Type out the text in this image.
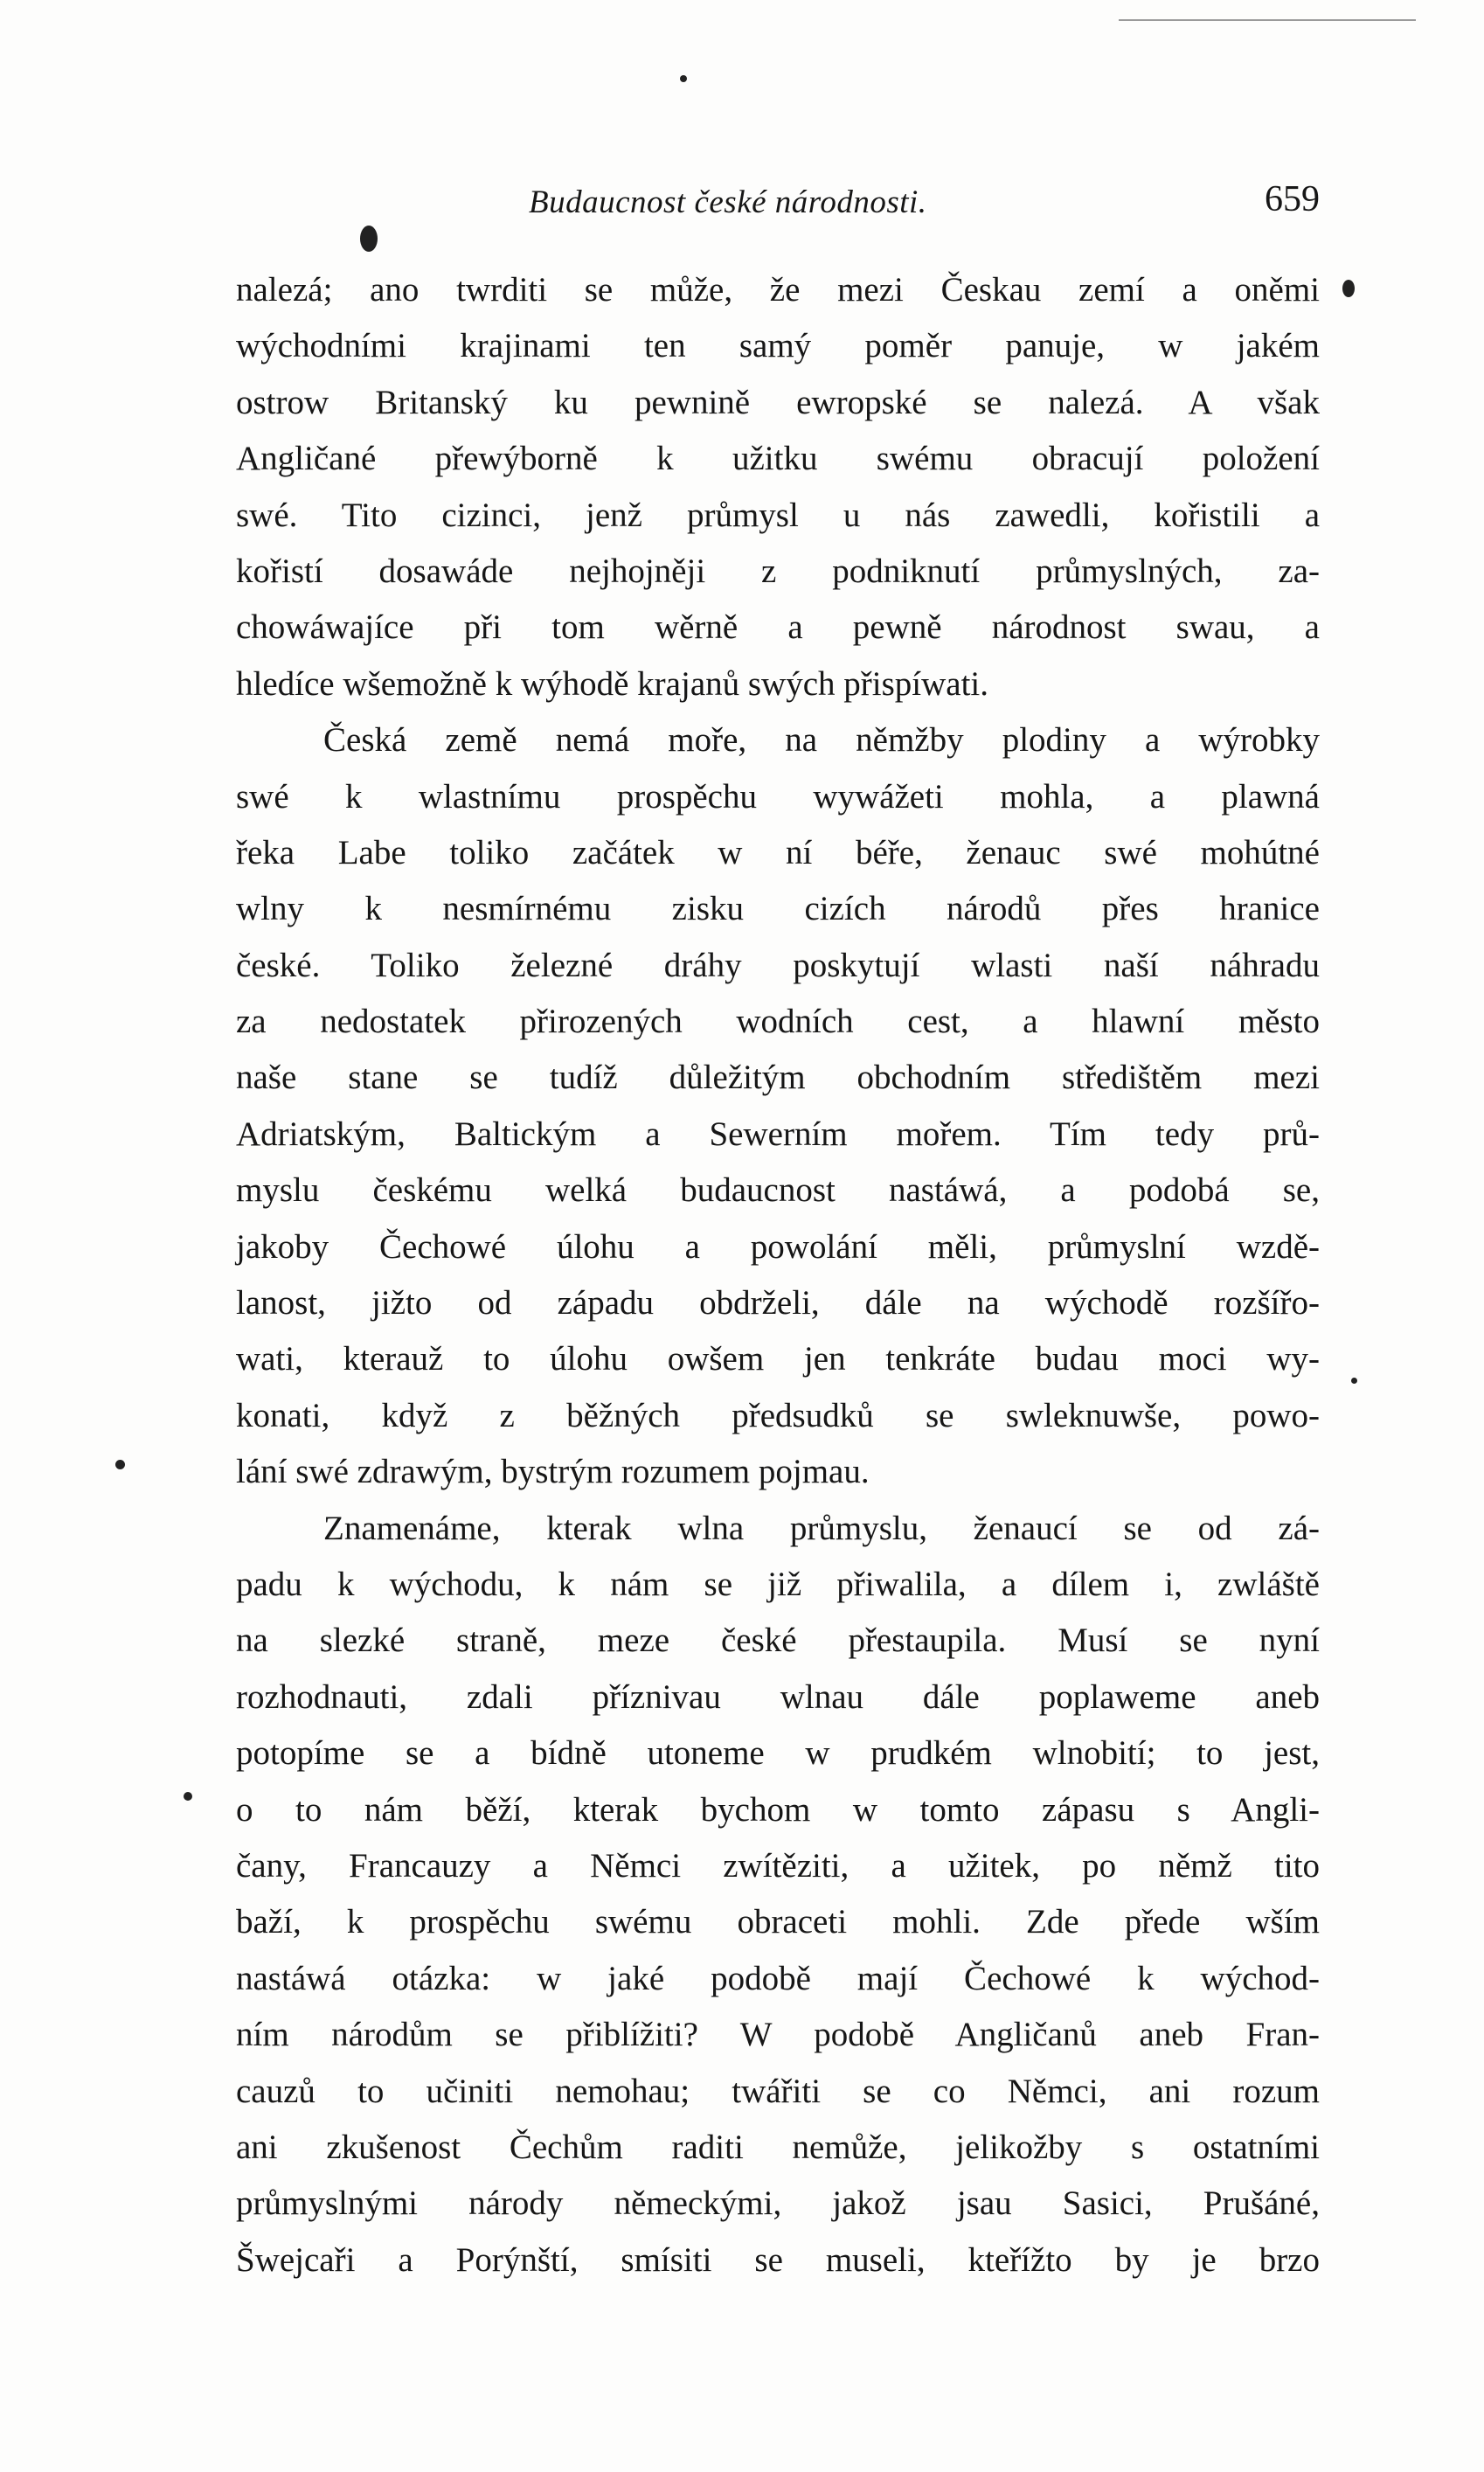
Budaucnost české národnosti.	659
nalezá; ano twrditi se může, že mezi Českau zemí a oněmi
wýchodními krajinami ten samý poměr panuje, w jakém
ostrow Britanský ku pewnině ewropské se nalezá. A však
Angličané přewýborně k užitku swému obracují položení
swé. Tito cizinci, jenž průmysl u nás zawedli, kořistili a
kořistí dosawáde nejhojněji z podniknutí průmyslných, za-
chowáwajíce při tom wěrně a pewně národnost swau, a
hledíce wšemožně k wýhodě krajanů swých přispíwati.
Česká země nemá moře, na němžby plodiny a wýrobky
swé k wlastnímu prospěchu wywážeti mohla, a plawná
řeka Labe toliko začátek w ní béře, ženauc swé mohútné
wlny k nesmírnému zisku cizích národů přes hranice
české. Toliko železné dráhy poskytují wlasti naší náhradu
za nedostatek přirozených wodních cest, a hlawní město
naše stane se tudíž důležitým obchodním středištěm mezi
Adriatským, Baltickým a Sewerním mořem. Tím tedy prů-
myslu českému welká budaucnost nastáwá, a podobá se,
jakoby Čechowé úlohu a powolání měli, průmyslní wzdě-
lanost, jižto od západu obdrželi, dále na wýchodě rozšířo-
wati, kterauž to úlohu owšem jen tenkráte budau moci wy-
konati, když z běžných předsudků se swleknuwše, powo-
lání swé zdrawým, bystrým rozumem pojmau.
Znamenáme, kterak wlna průmyslu, ženaucí se od zá-
padu k wýchodu, k nám se již přiwalila, a dílem i, zwláště
na slezké straně, meze české přestaupila. Musí se nyní
rozhodnauti, zdali příznivau wlnau dále poplaweme aneb
potopíme se a bídně utoneme w prudkém wlnobití; to jest,
o to nám běží, kterak bychom w tomto zápasu s Angli-
čany, Francauzy a Němci zwítěziti, a užitek, po němž tito
baží, k prospěchu swému obraceti mohli. Zde přede wším
nastáwá otázka: w jaké podobě mají Čechowé k wýchod-
ním národům se přiblížiti? W podobě Angličanů aneb Fran-
cauzů to učiniti nemohau; twářiti se co Němci, ani rozum
ani zkušenost Čechům raditi nemůže, jelikožby s ostatními
průmyslnými národy německými, jakož jsau Sasici, Prušáné,
Šwejcaři a Porýnští, smísiti se museli, kteřížto by je brzo
